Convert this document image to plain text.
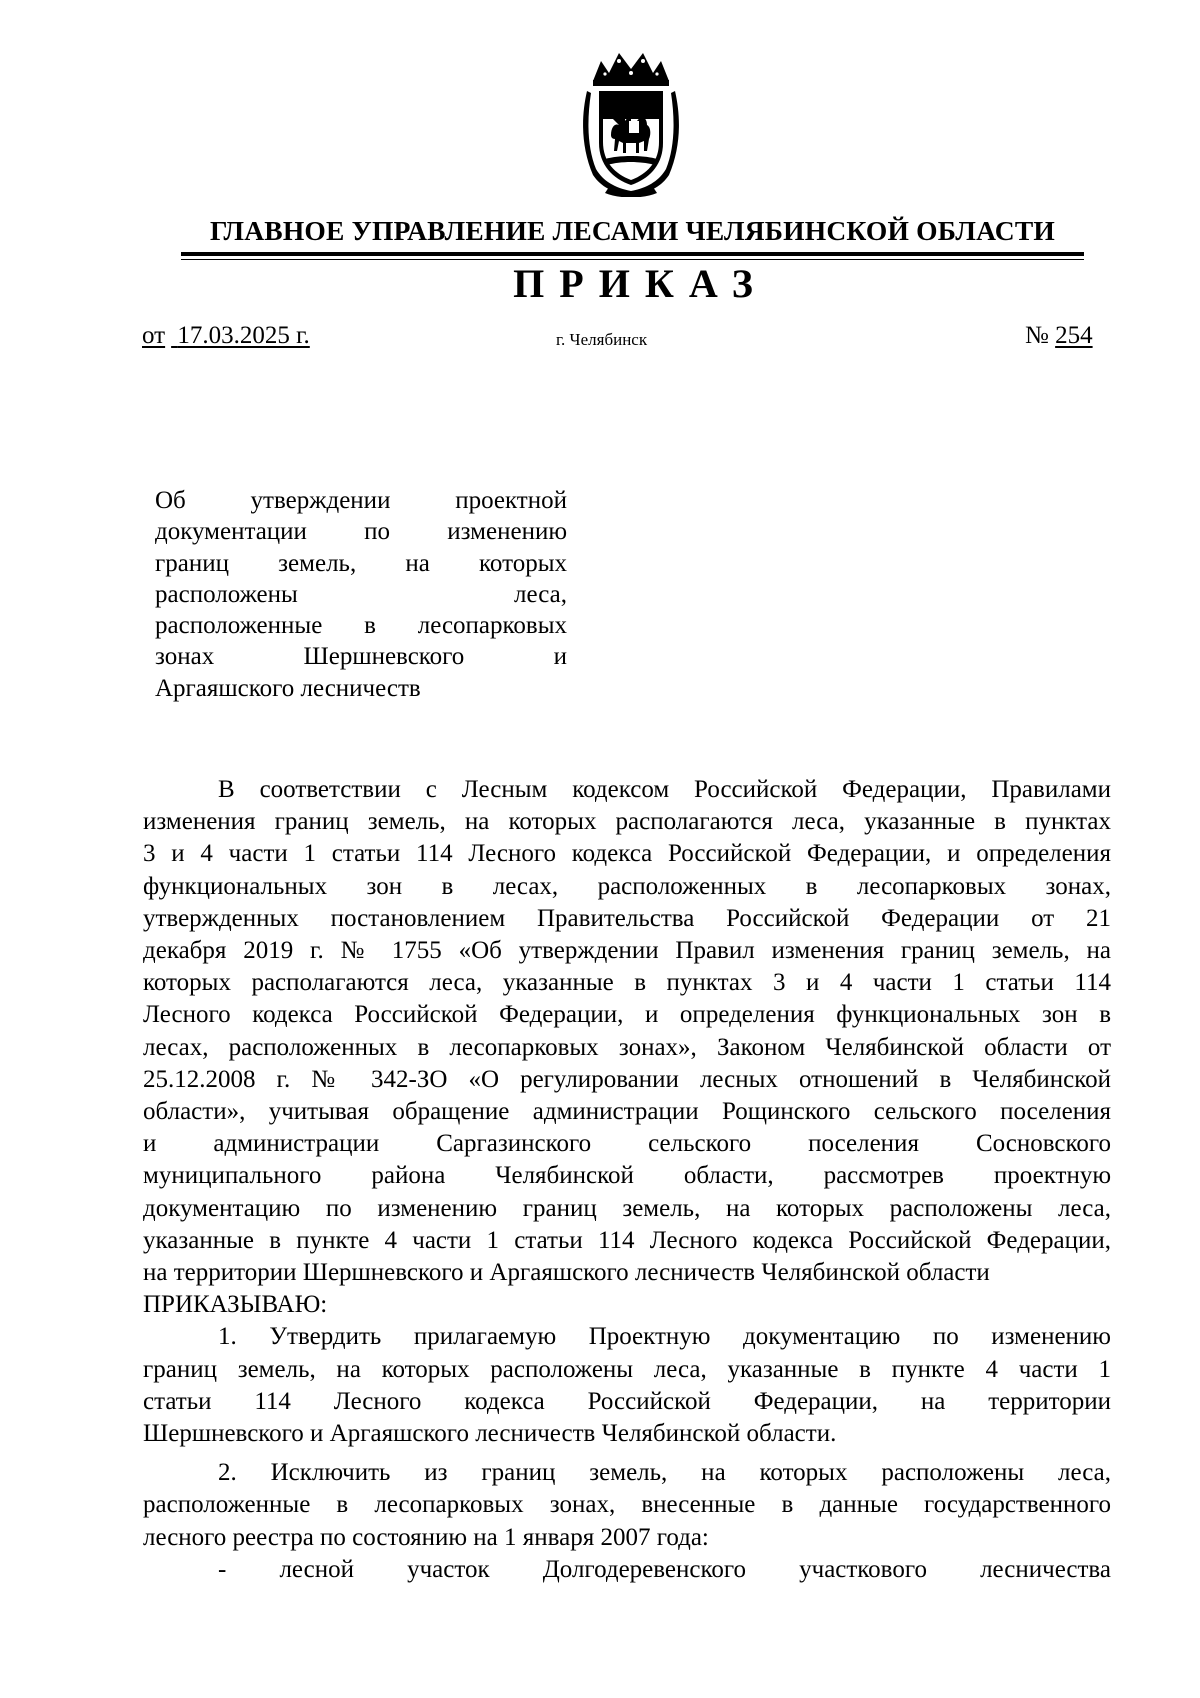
ГЛАВНОЕ УПРАВЛЕНИЕ ЛЕСАМИ ЧЕЛЯБИНСКОЙ ОБЛАСТИ
ПРИКАЗ
от 17.03.2025 г.	г. Челябинск	№ 254
Об утверждении проектной
документации по изменению
границ земель, на которых
расположены леса,
расположенные в лесопарковых
зонах Шершневского и
Аргаяшского лесничеств
В соответствии с Лесным кодексом Российской Федерации, Правилами
изменения границ земель, на которых располагаются леса, указанные в пунктах
3 и 4 части 1 статьи 114 Лесного кодекса Российской Федерации, и определения
функциональных зон в лесах, расположенных в лесопарковых зонах,
утвержденных постановлением Правительства Российской Федерации от 21
декабря 2019 г. № 1755 «Об утверждении Правил изменения границ земель, на
которых располагаются леса, указанные в пунктах 3 и 4 части 1 статьи 114
Лесного кодекса Российской Федерации, и определения функциональных зон в
лесах, расположенных в лесопарковых зонах», Законом Челябинской области от
25.12.2008 г. № 342-ЗО «О регулировании лесных отношений в Челябинской
области», учитывая обращение администрации Рощинского сельского поселения
и администрации Саргазинского сельского поселения Сосновского
муниципального района Челябинской области, рассмотрев проектную
документацию по изменению границ земель, на которых расположены леса,
указанные в пункте 4 части 1 статьи 114 Лесного кодекса Российской Федерации,
на территории Шершневского и Аргаяшского лесничеств Челябинской области
ПРИКАЗЫВАЮ:
1. Утвердить прилагаемую Проектную документацию по изменению
границ земель, на которых расположены леса, указанные в пункте 4 части 1
статьи 114 Лесного кодекса Российской Федерации, на территории
Шершневского и Аргаяшского лесничеств Челябинской области.
2. Исключить из границ земель, на которых расположены леса,
расположенные в лесопарковых зонах, внесенные в данные государственного
лесного реестра по состоянию на 1 января 2007 года:
- лесной участок Долгодеревенского участкового лесничества
